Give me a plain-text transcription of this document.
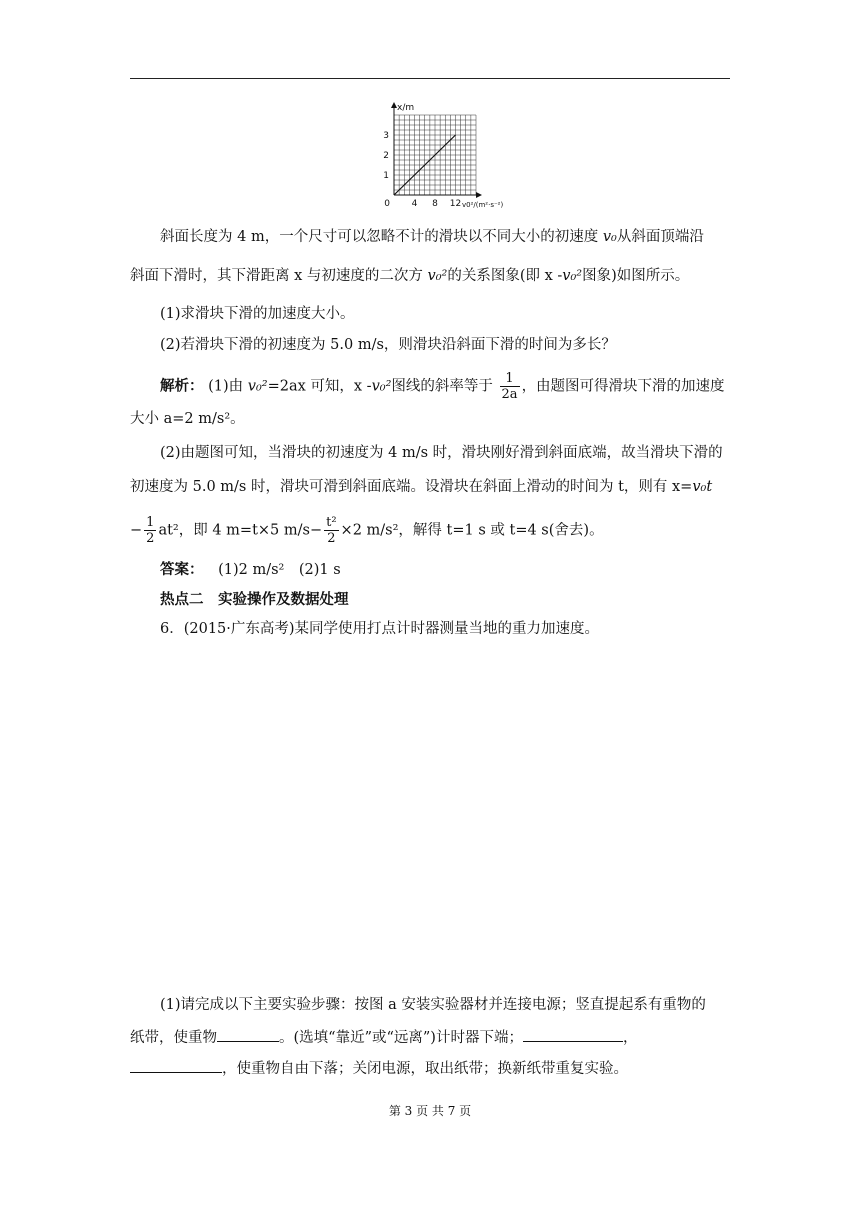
1
2
3
4 8 12
x/m
0	v0²/(m²·s⁻²)
斜面长度为 4 m，一个尺寸可以忽略不计的滑块以不同大小的初速度 v₀从斜面顶端沿
斜面下滑时，其下滑距离 x 与初速度的二次方 v₀²的关系图象(即 x -v₀²图象)如图所示。
(1)求滑块下滑的加速度大小。
(2)若滑块下滑的初速度为 5.0 m/s，则滑块沿斜面下滑的时间为多长？
解析： (1)由 v₀²=2ax 可知，x -v₀²图线的斜率等于 $\frac{1}{2a}$ ，由题图可得滑块下滑的加速度
大小 a=2 m/s²。
(2)由题图可知，当滑块的初速度为 4 m/s 时，滑块刚好滑到斜面底端，故当滑块下滑的
初速度为 5.0 m/s 时，滑块可滑到斜面底端。设滑块在斜面上滑动的时间为 t，则有 x=v₀t
− $\frac{1}{2} at^2$，即 4 m=t×5 $m/s- \frac{\text{t²}}{2} \times 2$ m/s²，解得 t=1 s 或 t=4 s(舍去)。
答案： (1)2 m/s²　(2)1 s
热点二　实验操作及数据处理
6．(2015·广东高考)某同学使用打点计时器测量当地的重力加速度。
(1)请完成以下主要实验步骤：按图 a 安装实验器材并连接电源；竖直提起系有重物的
纸带，使重物	。(选填“靠近”或“远离”)计时器下端；	，
，使重物自由下落；关闭电源，取出纸带；换新纸带重复实验。
第 3 页 共 7 页
